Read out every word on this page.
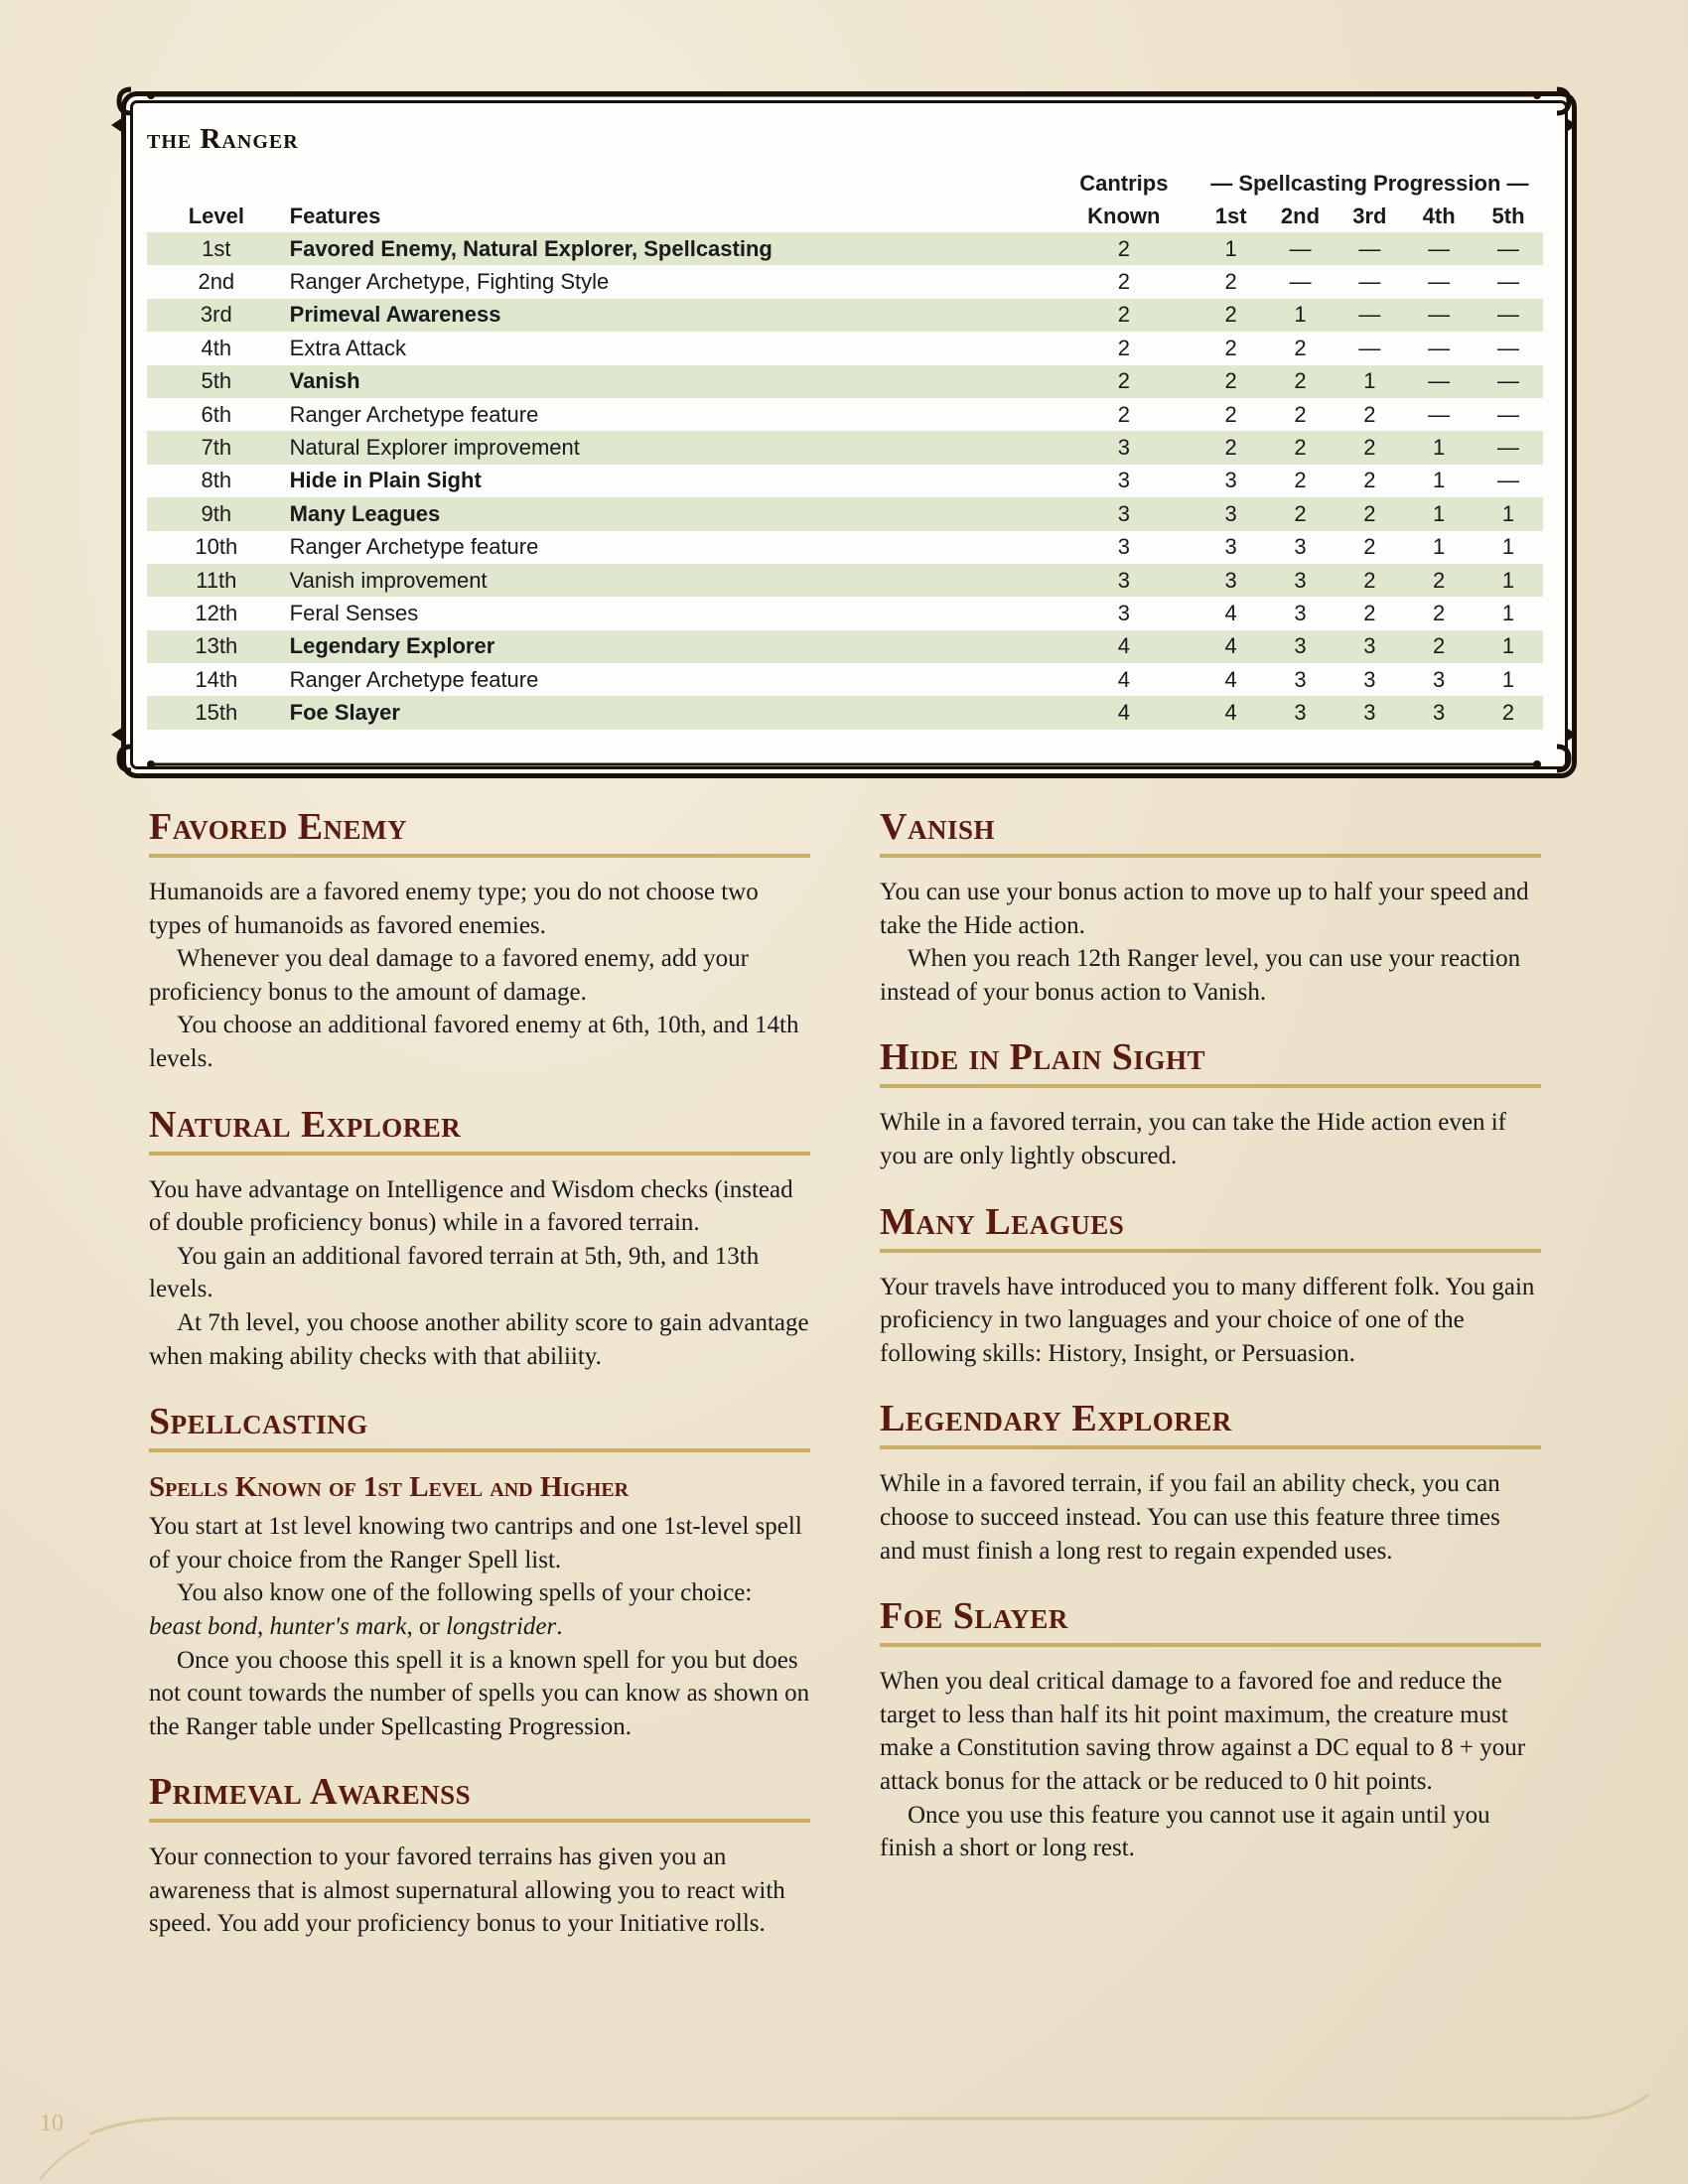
the Ranger
		Cantrips	— Spellcasting Progression —				
Level	Features	Known	1st	2nd	3rd	4th	5th
1st	Favored Enemy, Natural Explorer, Spellcasting	2	1	—	—	—	—
2nd	Ranger Archetype, Fighting Style	2	2	—	—	—	—
3rd	Primeval Awareness	2	2	1	—	—	—
4th	Extra Attack	2	2	2	—	—	—
5th	Vanish	2	2	2	1	—	—
6th	Ranger Archetype feature	2	2	2	2	—	—
7th	Natural Explorer improvement	3	2	2	2	1	—
8th	Hide in Plain Sight	3	3	2	2	1	—
9th	Many Leagues	3	3	2	2	1	1
10th	Ranger Archetype feature	3	3	3	2	1	1
11th	Vanish improvement	3	3	3	2	2	1
12th	Feral Senses	3	4	3	2	2	1
13th	Legendary Explorer	4	4	3	3	2	1
14th	Ranger Archetype feature	4	4	3	3	3	1
15th	Foe Slayer	4	4	3	3	3	2
Favored Enemy

Humanoids are a favored enemy type; you do not choose two types of humanoids as favored enemies.

Whenever you deal damage to a favored enemy, add your proficiency bonus to the amount of damage.

You choose an additional favored enemy at 6th, 10th, and 14th levels.

Natural Explorer

You have advantage on Intelligence and Wisdom checks (instead of double proficiency bonus) while in a favored terrain.

You gain an additional favored terrain at 5th, 9th, and 13th levels.

At 7th level, you choose another ability score to gain advantage when making ability checks with that abiliity.

Spellcasting
Spells Known of 1st Level and Higher

You start at 1st level knowing two cantrips and one 1st-level spell of your choice from the Ranger Spell list.

You also know one of the following spells of your choice: beast bond, hunter's mark, or longstrider.

Once you choose this spell it is a known spell for you but does not count towards the number of spells you can know as shown on the Ranger table under Spellcasting Progression.

Primeval Awarenss

Your connection to your favored terrains has given you an awareness that is almost supernatural allowing you to react with speed. You add your proficiency bonus to your Initiative rolls.

Vanish

You can use your bonus action to move up to half your speed and take the Hide action.

When you reach 12th Ranger level, you can use your reaction instead of your bonus action to Vanish.

Hide in Plain Sight

While in a favored terrain, you can take the Hide action even if you are only lightly obscured.

Many Leagues

Your travels have introduced you to many different folk. You gain proficiency in two languages and your choice of one of the following skills: History, Insight, or Persuasion.

Legendary Explorer

While in a favored terrain, if you fail an ability check, you can choose to succeed instead. You can use this feature three times and must finish a long rest to regain expended uses.

Foe Slayer

When you deal critical damage to a favored foe and reduce the target to less than half its hit point maximum, the creature must make a Constitution saving throw against a DC equal to 8 + your attack bonus for the attack or be reduced to 0 hit points.

Once you use this feature you cannot use it again until you finish a short or long rest.

10
